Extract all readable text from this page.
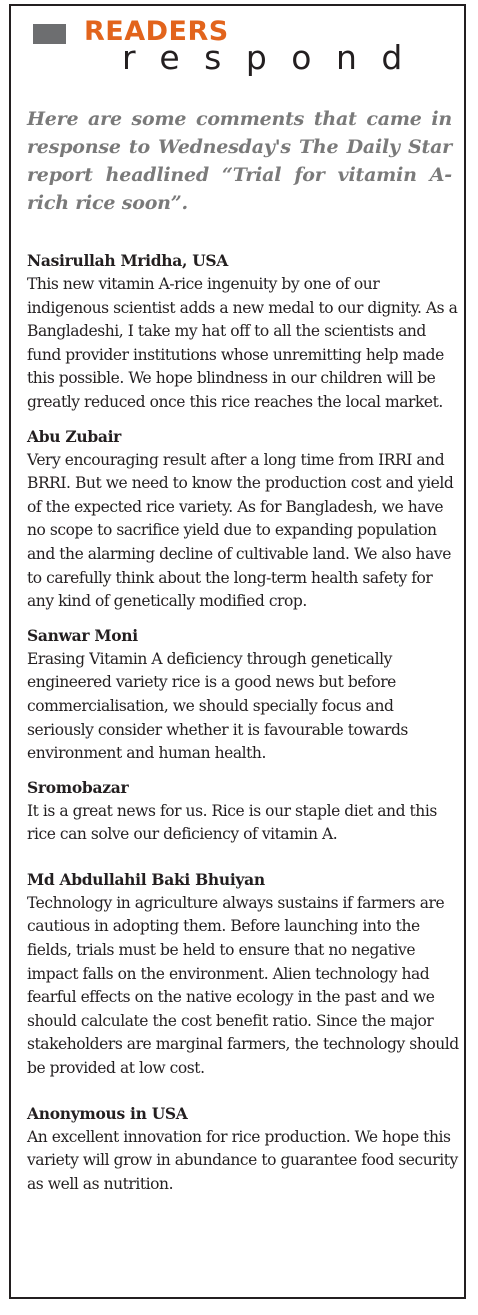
READERS
respond
Here are some comments that came in response to Wednesday's The Daily Star report headlined “Trial for vitamin A-rich rice soon”.
Nasirullah Mridha, USA

This new vitamin A-rice ingenuity by one of our indigenous scientist adds a new medal to our dignity. As a Bangladeshi, I take my hat off to all the scientists and fund provider institutions whose unremitting help made this possible. We hope blindness in our children will be greatly reduced once this rice reaches the local market.

Abu Zubair

Very encouraging result after a long time from IRRI and BRRI. But we need to know the production cost and yield of the expected rice variety. As for Bangladesh, we have no scope to sacrifice yield due to expanding population and the alarming decline of cultivable land. We also have to carefully think about the long-term health safety for any kind of genetically modified crop.

Sanwar Moni

Erasing Vitamin A deficiency through genetically engineered variety rice is a good news but before commercialisation, we should specially focus and seriously consider whether it is favourable towards environment and human health.

Sromobazar

It is a great news for us. Rice is our staple diet and this rice can solve our deficiency of vitamin A.

Md Abdullahil Baki Bhuiyan

Technology in agriculture always sustains if farmers are cautious in adopting them. Before launching into the fields, trials must be held to ensure that no negative impact falls on the environment. Alien technology had fearful effects on the native ecology in the past and we should calculate the cost benefit ratio. Since the major stakeholders are marginal farmers, the technology should be provided at low cost.

Anonymous in USA

An excellent innovation for rice production. We hope this variety will grow in abundance to guarantee food security as well as nutrition.
